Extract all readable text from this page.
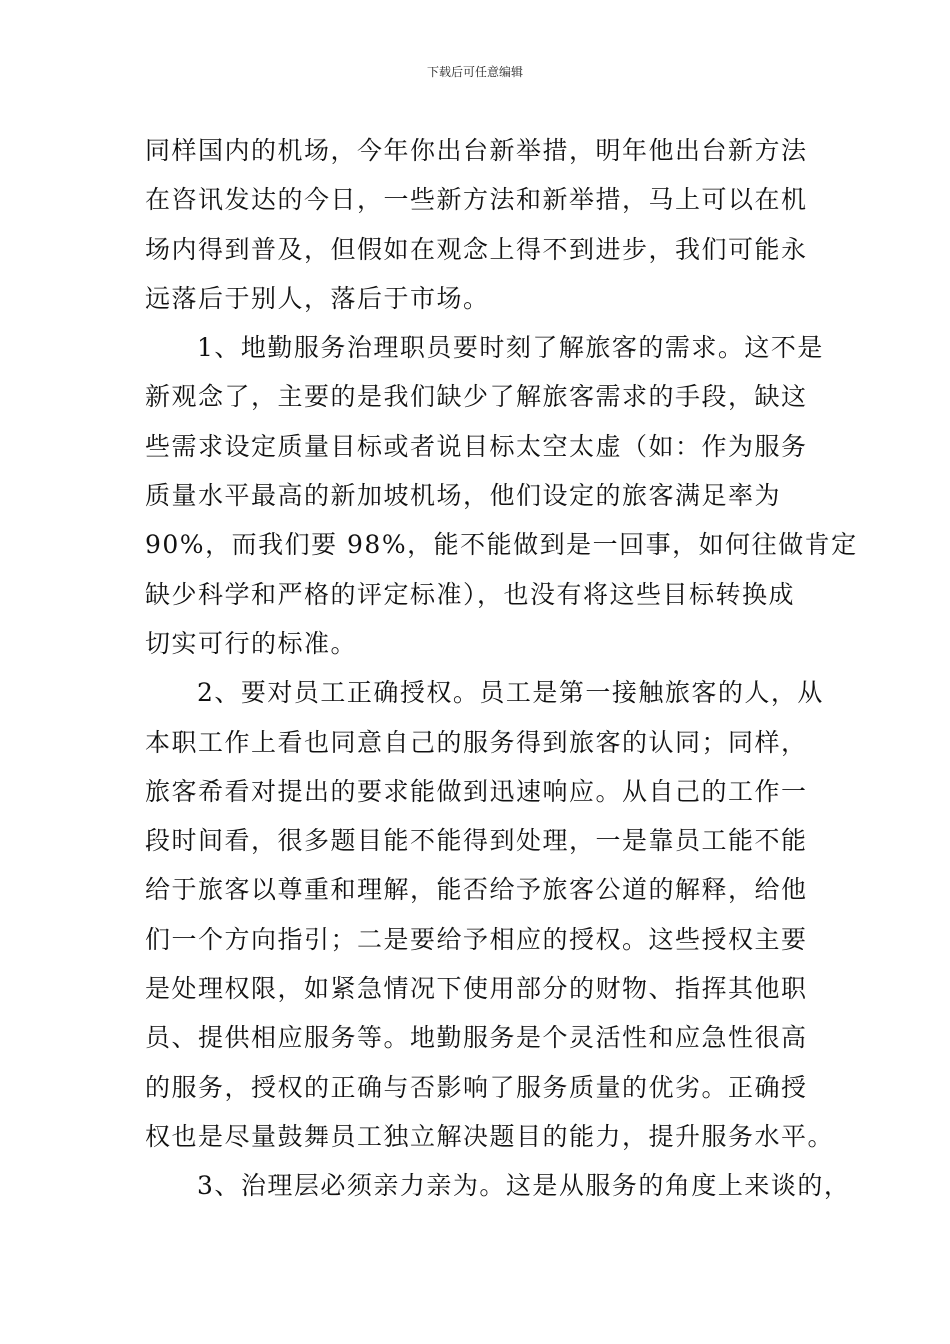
下载后可任意编辑
同样国内的机场，今年你出台新举措，明年他出台新方法
在咨讯发达的今日，一些新方法和新举措，马上可以在机
场内得到普及，但假如在观念上得不到进步，我们可能永
远落后于别人，落后于市场。
1、地勤服务治理职员要时刻了解旅客的需求。这不是
新观念了，主要的是我们缺少了解旅客需求的手段，缺这
些需求设定质量目标或者说目标太空太虚（如：作为服务
质量水平最高的新加坡机场，他们设定的旅客满足率为
90%，而我们要 98%，能不能做到是一回事，如何往做肯定
缺少科学和严格的评定标准），也没有将这些目标转换成
切实可行的标准。
2、要对员工正确授权。员工是第一接触旅客的人，从
本职工作上看也同意自己的服务得到旅客的认同；同样，
旅客希看对提出的要求能做到迅速响应。从自己的工作一
段时间看，很多题目能不能得到处理，一是靠员工能不能
给于旅客以尊重和理解，能否给予旅客公道的解释，给他
们一个方向指引；二是要给予相应的授权。这些授权主要
是处理权限，如紧急情况下使用部分的财物、指挥其他职
员、提供相应服务等。地勤服务是个灵活性和应急性很高
的服务，授权的正确与否影响了服务质量的优劣。正确授
权也是尽量鼓舞员工独立解决题目的能力，提升服务水平。
3、治理层必须亲力亲为。这是从服务的角度上来谈的，
